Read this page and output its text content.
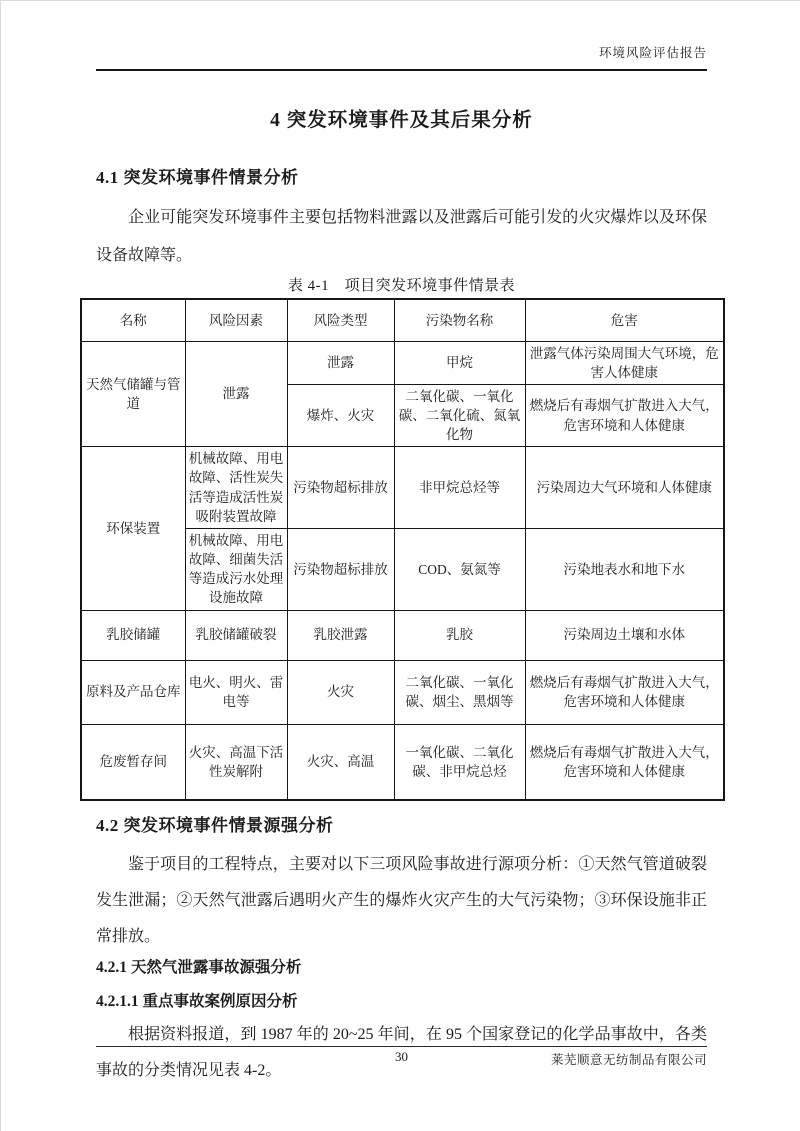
环境风险评估报告
4 突发环境事件及其后果分析
4.1 突发环境事件情景分析

企业可能突发环境事件主要包括物料泄露以及泄露后可能引发的火灾爆炸以及环保设备故障等。

表 4-1　项目突发环境事件情景表
名称	风险因素	风险类型	污染物名称	危害
天然气储罐与管道	泄露	泄露	甲烷	泄露气体污染周围大气环境，危害人体健康
		爆炸、火灾	二氧化碳、一氧化碳、二氧化硫、氮氧化物	燃烧后有毒烟气扩散进入大气，危害环境和人体健康
环保装置	机械故障、用电故障、活性炭失活等造成活性炭吸附装置故障	污染物超标排放	非甲烷总烃等	污染周边大气环境和人体健康
	机械故障、用电故障、细菌失活等造成污水处理设施故障	污染物超标排放	COD、氨氮等	污染地表水和地下水
乳胶储罐	乳胶储罐破裂	乳胶泄露	乳胶	污染周边土壤和水体
原料及产品仓库	电火、明火、雷电等	火灾	二氧化碳、一氧化碳、烟尘、黑烟等	燃烧后有毒烟气扩散进入大气，危害环境和人体健康
危废暂存间	火灾、高温下活性炭解附	火灾、高温	一氧化碳、二氧化碳、非甲烷总烃	燃烧后有毒烟气扩散进入大气，危害环境和人体健康
4.2 突发环境事件情景源强分析

鉴于项目的工程特点，主要对以下三项风险事故进行源项分析：①天然气管道破裂发生泄漏；②天然气泄露后遇明火产生的爆炸火灾产生的大气污染物；③环保设施非正常排放。

4.2.1 天然气泄露事故源强分析
4.2.1.1 重点事故案例原因分析

根据资料报道，到 1987 年的 20~25 年间，在 95 个国家登记的化学品事故中，各类事故的分类情况见表 4-2。

30	莱芜顺意无纺制品有限公司
